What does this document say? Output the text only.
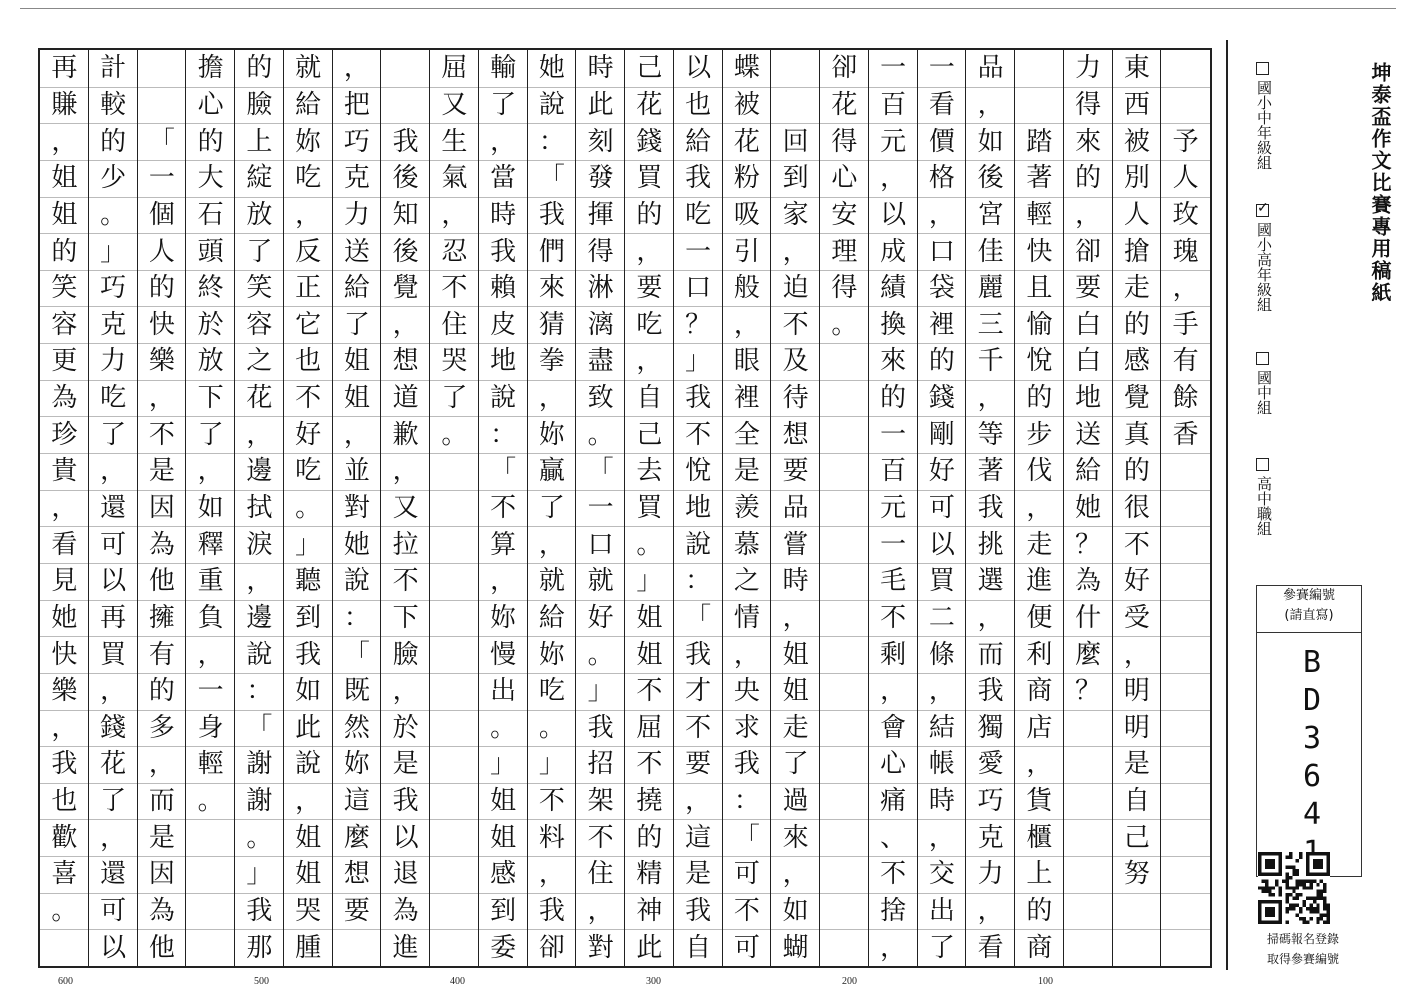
予
人
玫
瑰
，
手
有
餘
香
東
西
被
別
人
搶
走
的
感
覺
真
的
很
不
好
受
，
明
明
是
自
己
努
力
得
來
的
，
卻
要
白
白
地
送
給
她
？
為
什
麼
？
踏
著
輕
快
且
愉
悅
的
步
伐
，
走
進
便
利
商
店
，
貨
櫃
上
的
商
品
，
如
後
宮
佳
麗
三
千
，
等
著
我
挑
選
，
而
我
獨
愛
巧
克
力
，
看
一
看
價
格
，
口
袋
裡
的
錢
剛
好
可
以
買
二
條
，
結
帳
時
，
交
出
了
一
百
元
，
以
成
績
換
來
的
一
百
元
一
毛
不
剩
，
會
心
痛
、
不
捨
，
卻
花
得
心
安
理
得
。
回
到
家
，
迫
不
及
待
想
要
品
嘗
時
，
姐
姐
走
了
過
來
，
如
蝴
蝶
被
花
粉
吸
引
般
，
眼
裡
全
是
羨
慕
之
情
，
央
求
我
：
「
可
不
可
以
也
給
我
吃
一
口
？
」
我
不
悅
地
說
：
「
我
才
不
要
，
這
是
我
自
己
花
錢
買
的
，
要
吃
，
自
己
去
買
。
」
姐
姐
不
屈
不
撓
的
精
神
此
時
此
刻
發
揮
得
淋
漓
盡
致
。
「
一
口
就
好
。
」
我
招
架
不
住
，
對
她
說
：
「
我
們
來
猜
拳
，
妳
贏
了
，
就
給
妳
吃
。
」
不
料
，
我
卻
輸
了
，
當
時
我
賴
皮
地
說
：
「
不
算
，
妳
慢
出
。
」
姐
姐
感
到
委
屈
又
生
氣
，
忍
不
住
哭
了
。
我
後
知
後
覺
，
想
道
歉
，
又
拉
不
下
臉
，
於
是
我
以
退
為
進
，
把
巧
克
力
送
給
了
姐
姐
，
並
對
她
說
：
「
既
然
妳
這
麼
想
要
就
給
妳
吃
，
反
正
它
也
不
好
吃
。
」
聽
到
我
如
此
說
，
姐
姐
哭
腫
的
臉
上
綻
放
了
笑
容
之
花
，
邊
拭
淚
，
邊
說
：
「
謝
謝
。
」
我
那
擔
心
的
大
石
頭
終
於
放
下
了
，
如
釋
重
負
，
一
身
輕
。
「
一
個
人
的
快
樂
，
不
是
因
為
他
擁
有
的
多
，
而
是
因
為
他
計
較
的
少
。
」
巧
克
力
吃
了
，
還
可
以
再
買
，
錢
花
了
，
還
可
以
再
賺
，
姐
姐
的
笑
容
更
為
珍
貴
，
看
見
她
快
樂
，
我
也
歡
喜
。
600	500	400	300	200	100
坤泰盃作文比賽專用稿紙
國小中年級組
✓
國小高年級組
國中組
高中職組
參賽編號
(請直寫)
B
D
3
6
4
掃碼報名登錄
取得參賽編號
